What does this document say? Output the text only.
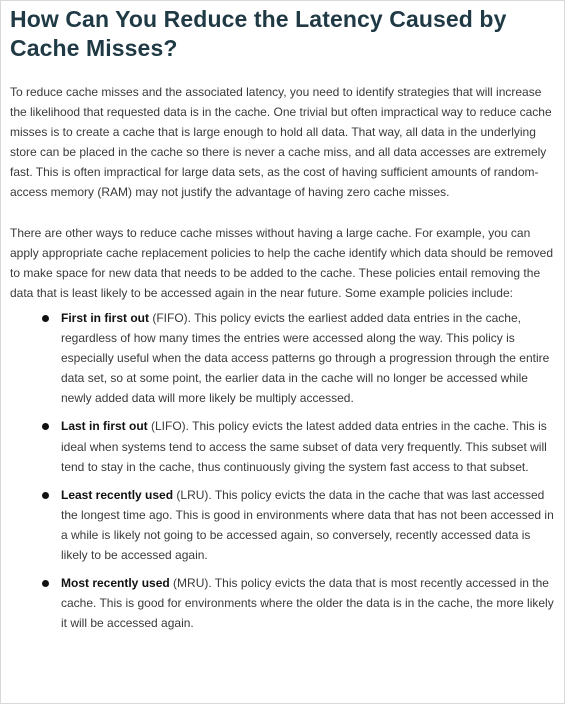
How Can You Reduce the Latency Caused by Cache Misses?

To reduce cache misses and the associated latency, you need to identify strategies that will increase the likelihood that requested data is in the cache. One trivial but often impractical way to reduce cache misses is to create a cache that is large enough to hold all data. That way, all data in the underlying store can be placed in the cache so there is never a cache miss, and all data accesses are extremely fast. This is often impractical for large data sets, as the cost of having sufficient amounts of random-access memory (RAM) may not justify the advantage of having zero cache misses.

There are other ways to reduce cache misses without having a large cache. For example, you can apply appropriate cache replacement policies to help the cache identify which data should be removed to make space for new data that needs to be added to the cache. These policies entail removing the data that is least likely to be accessed again in the near future. Some example policies include:

First in first out (FIFO). This policy evicts the earliest added data entries in the cache, regardless of how many times the entries were accessed along the way. This policy is especially useful when the data access patterns go through a progression through the entire data set, so at some point, the earlier data in the cache will no longer be accessed while newly added data will more likely be multiply accessed.
Last in first out (LIFO). This policy evicts the latest added data entries in the cache. This is ideal when systems tend to access the same subset of data very frequently. This subset will tend to stay in the cache, thus continuously giving the system fast access to that subset.
Least recently used (LRU). This policy evicts the data in the cache that was last accessed the longest time ago. This is good in environments where data that has not been accessed in a while is likely not going to be accessed again, so conversely, recently accessed data is likely to be accessed again.
Most recently used (MRU). This policy evicts the data that is most recently accessed in the cache. This is good for environments where the older the data is in the cache, the more likely it will be accessed again.
